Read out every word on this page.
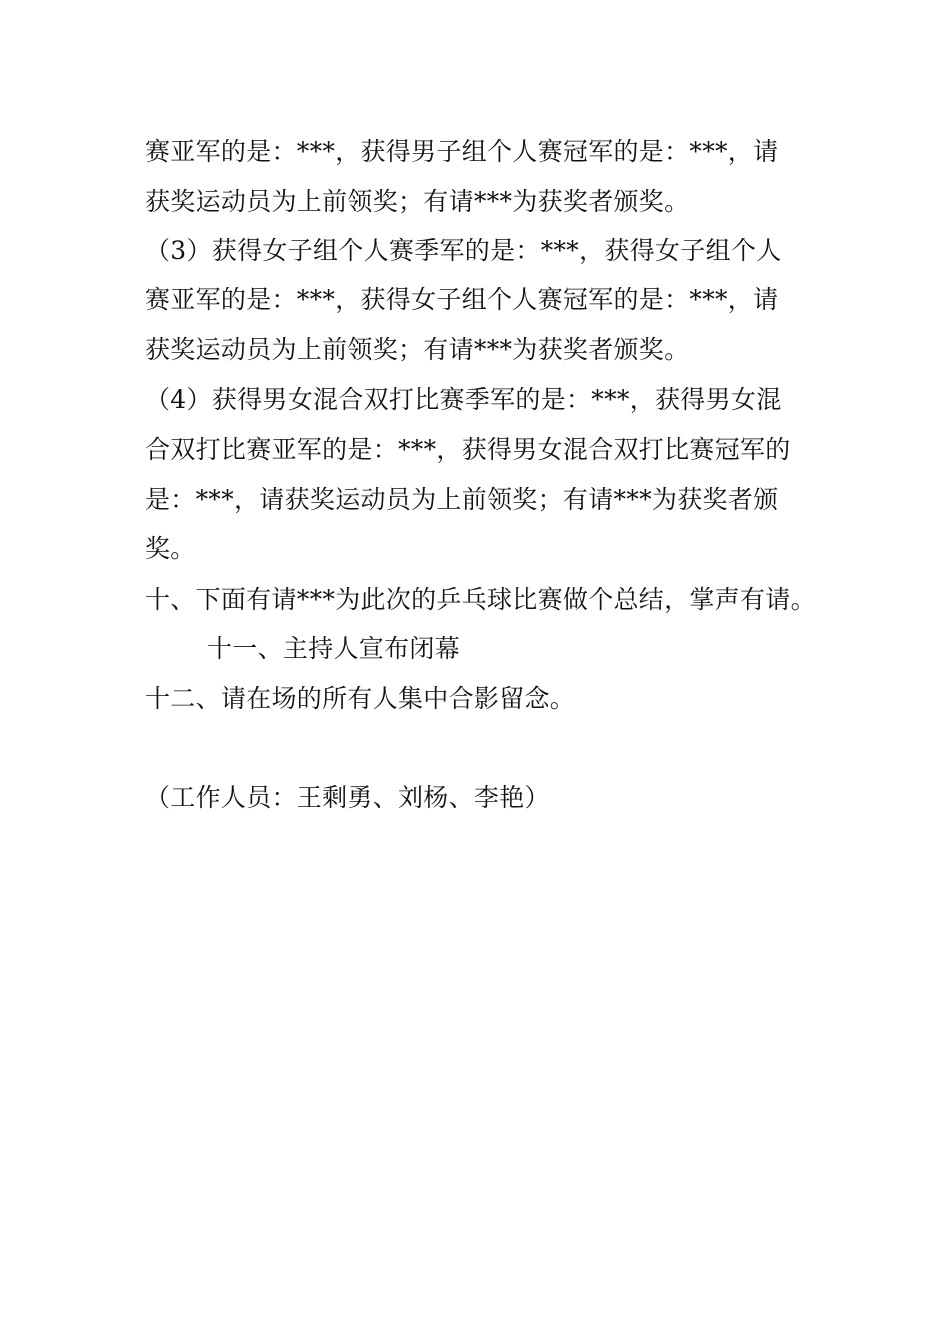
赛亚军的是：***，获得男子组个人赛冠军的是：***，请
获奖运动员为上前领奖；有请***为获奖者颁奖。
（3）获得女子组个人赛季军的是：***，获得女子组个人
赛亚军的是：***，获得女子组个人赛冠军的是：***，请
获奖运动员为上前领奖；有请***为获奖者颁奖。
（4）获得男女混合双打比赛季军的是：***，获得男女混
合双打比赛亚军的是：***，获得男女混合双打比赛冠军的
是：***，请获奖运动员为上前领奖；有请***为获奖者颁
奖。
十、下面有请***为此次的乒乓球比赛做个总结，掌声有请。
十一、主持人宣布闭幕
十二、请在场的所有人集中合影留念。
（工作人员：王剩勇、刘杨、李艳）
